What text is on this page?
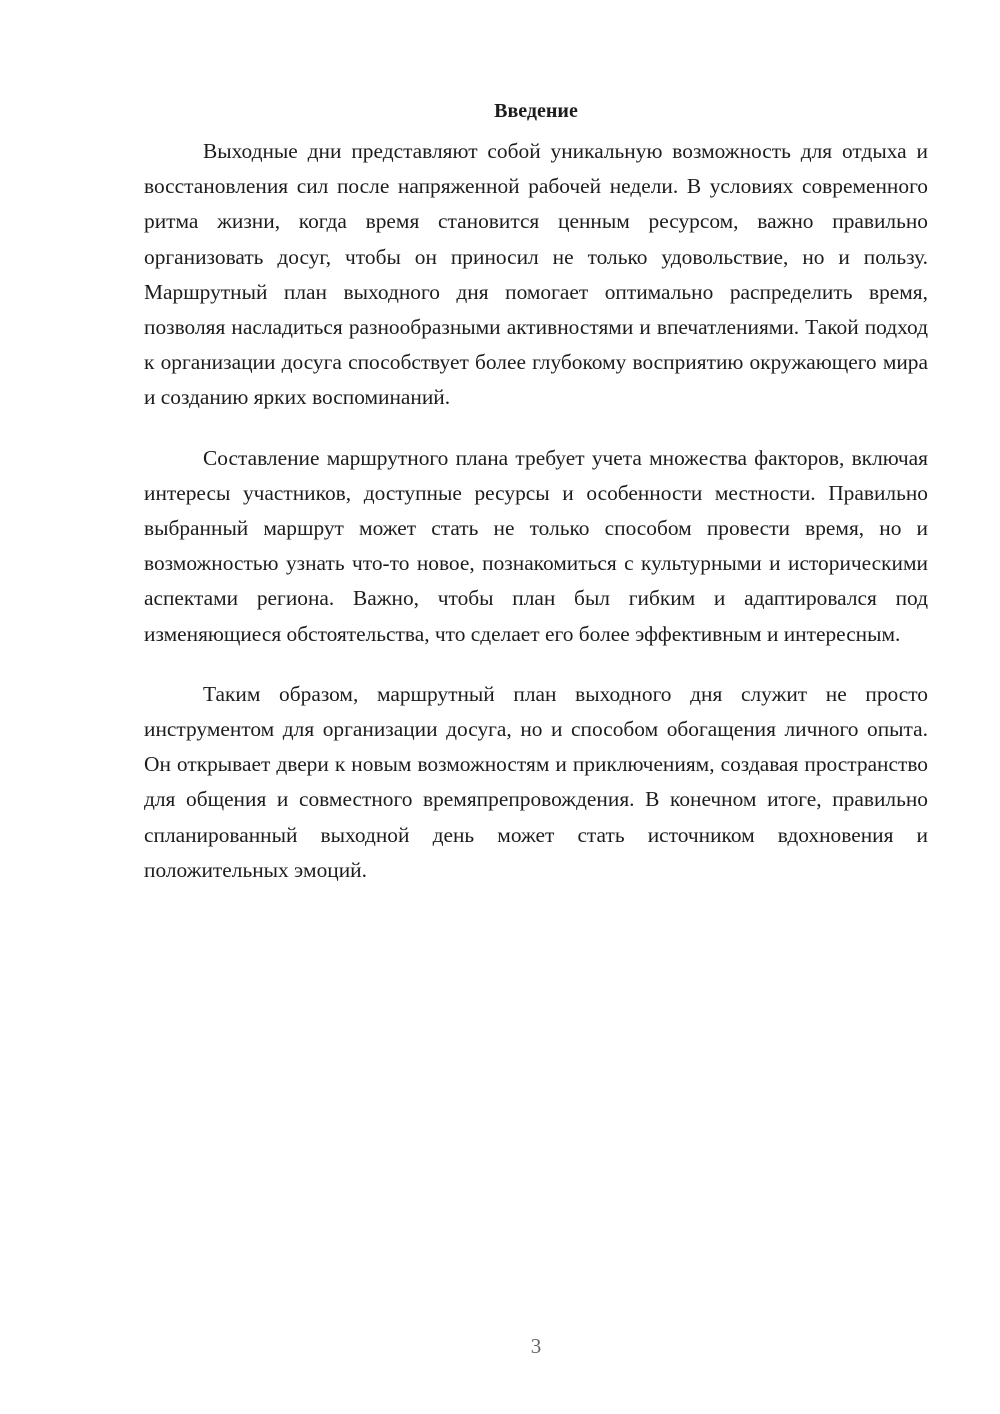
Введение

Выходные дни представляют собой уникальную возможность для отдыха и восстановления сил после напряженной рабочей недели. В условиях современного ритма жизни, когда время становится ценным ресурсом, важно правильно организовать досуг, чтобы он приносил не только удовольствие, но и пользу. Маршрутный план выходного дня помогает оптимально распределить время, позволяя насладиться разнообразными активностями и впечатлениями. Такой подход к организации досуга способствует более глубокому восприятию окружающего мира и созданию ярких воспоминаний.

Составление маршрутного плана требует учета множества факторов, включая интересы участников, доступные ресурсы и особенности местности. Правильно выбранный маршрут может стать не только способом провести время, но и возможностью узнать что-то новое, познакомиться с культурными и историческими аспектами региона. Важно, чтобы план был гибким и адаптировался под изменяющиеся обстоятельства, что сделает его более эффективным и интересным.

Таким образом, маршрутный план выходного дня служит не просто инструментом для организации досуга, но и способом обогащения личного опыта. Он открывает двери к новым возможностям и приключениям, создавая пространство для общения и совместного времяпрепровождения. В конечном итоге, правильно спланированный выходной день может стать источником вдохновения и положительных эмоций.

3
